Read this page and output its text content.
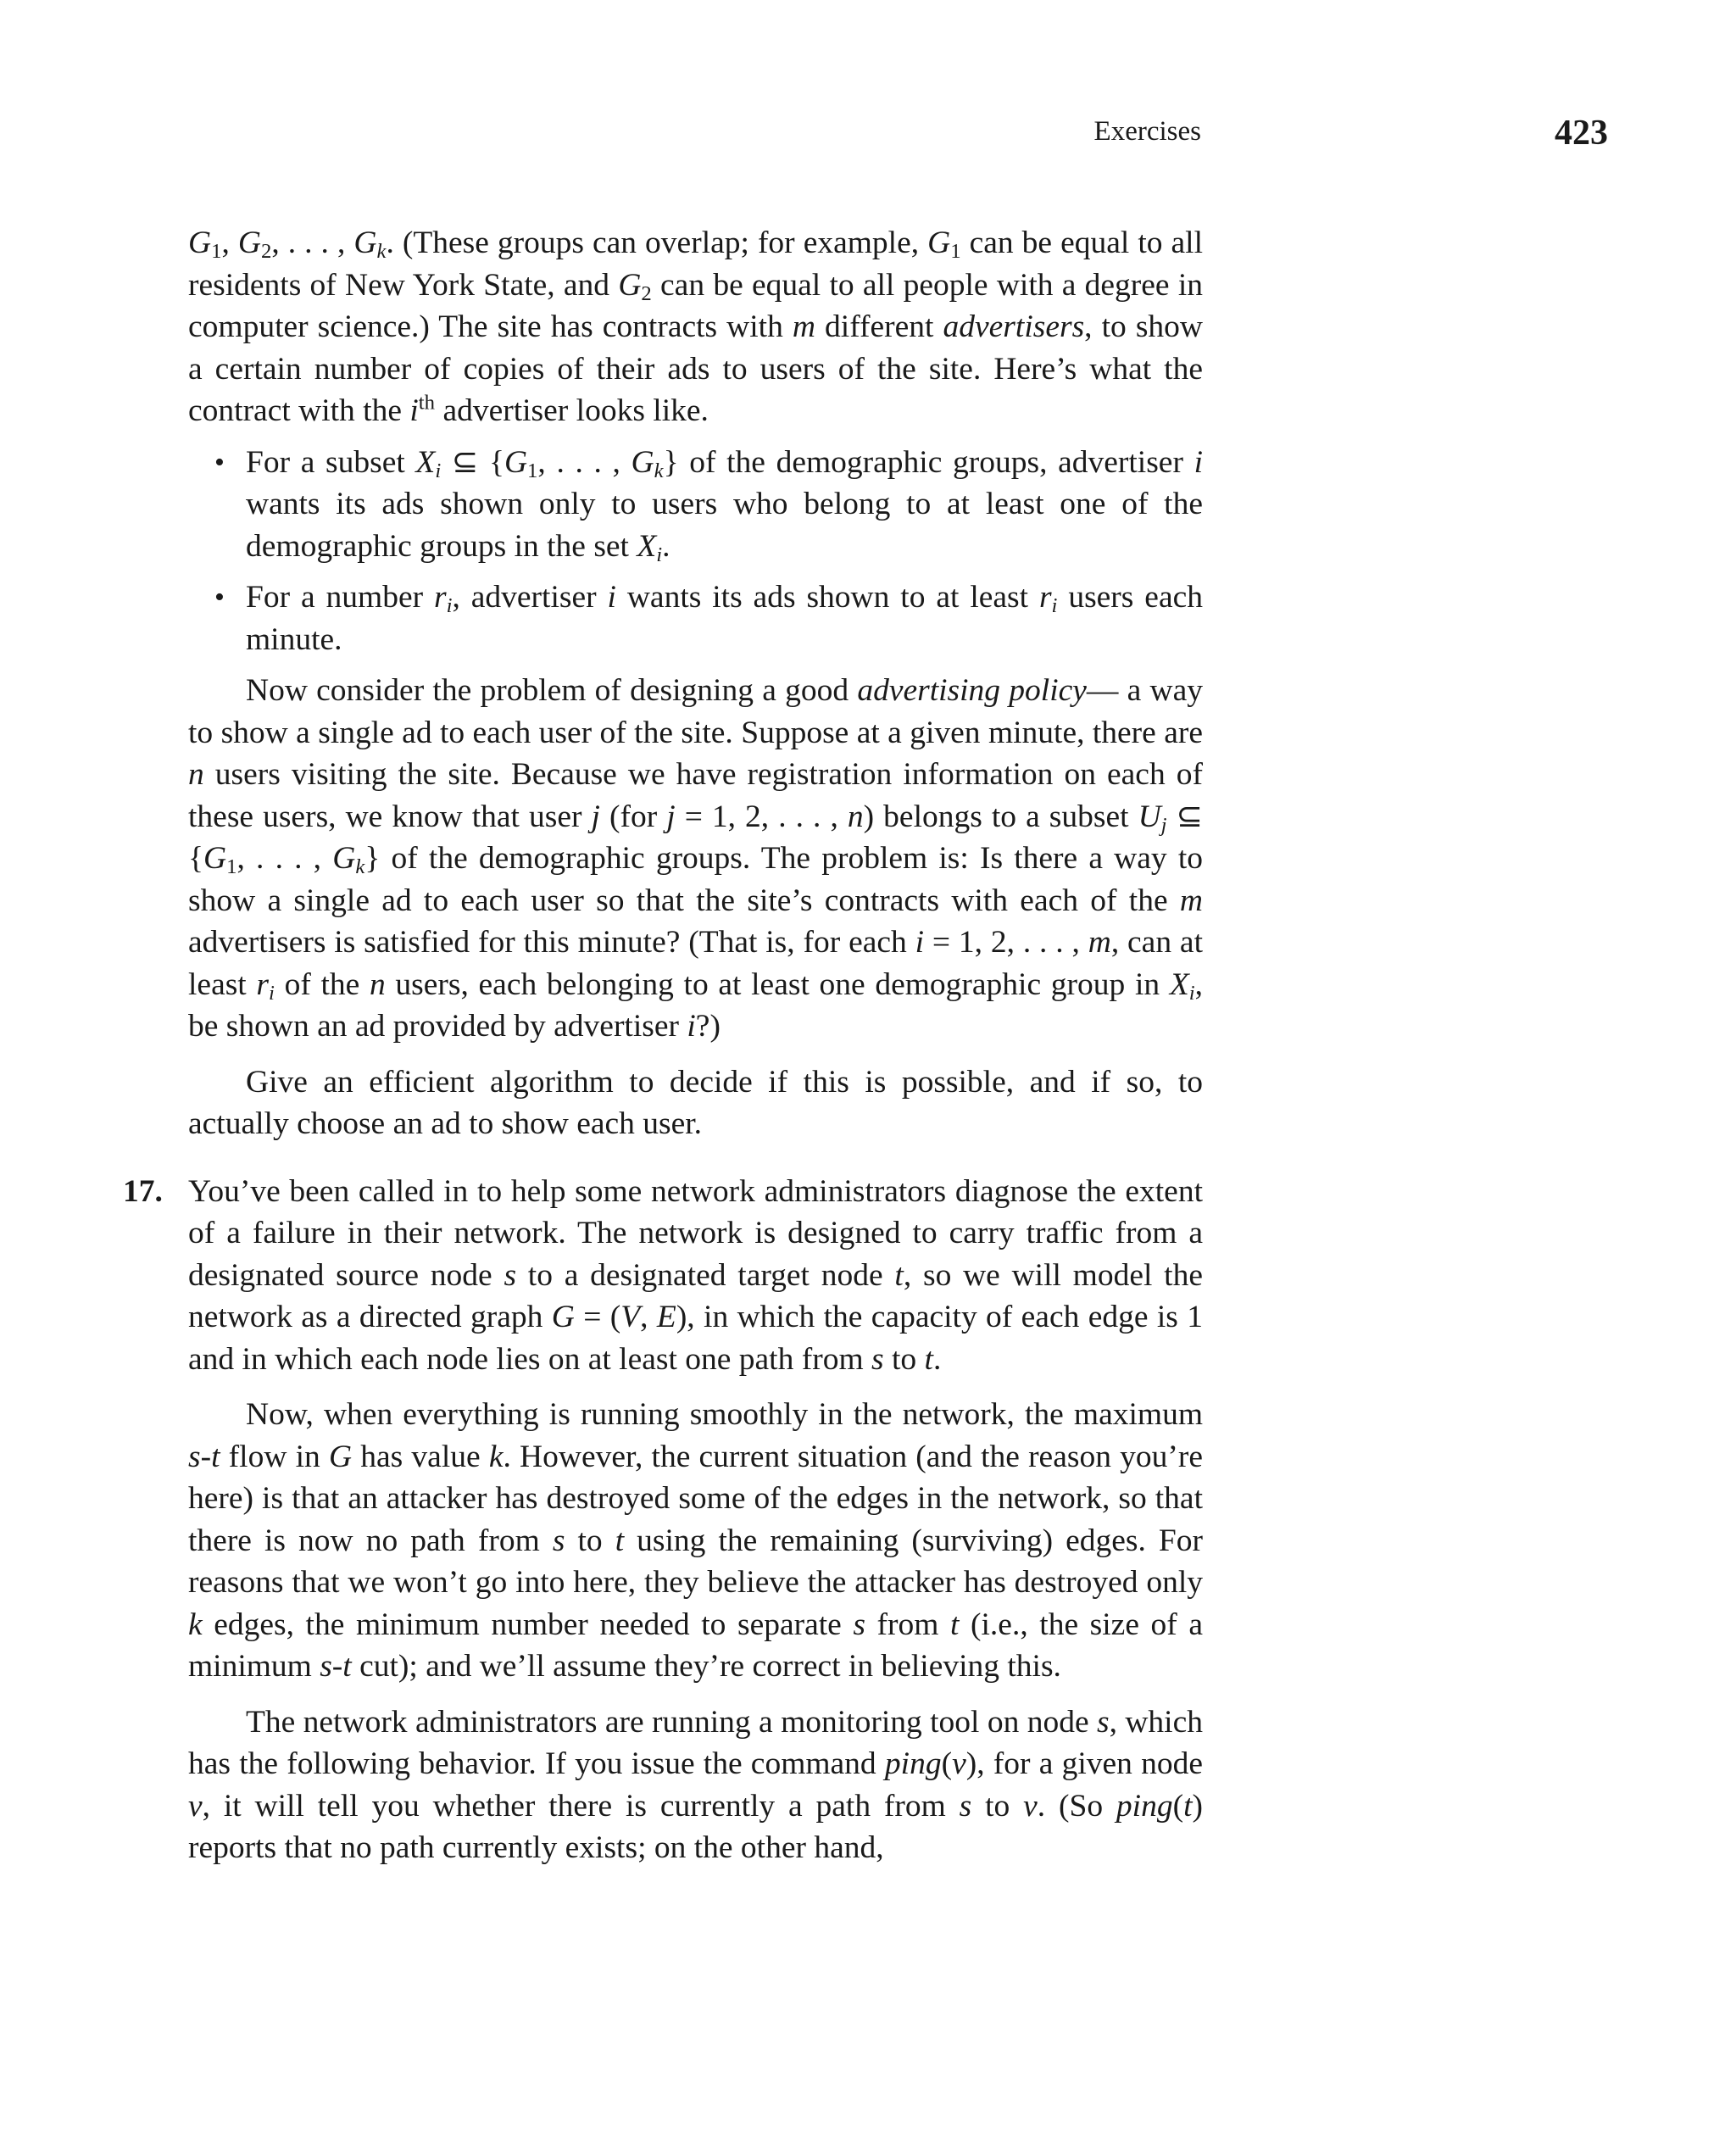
Exercises	423

$G_1$, $G_2$, . . . , $G_k$. (These groups can overlap; for example, $G_1$ can be equal to all residents of New York State, and $G_2$ can be equal to all people with a degree in computer science.) The site has contracts with m different advertisers, to show a certain number of copies of their ads to users of the site. Here’s what the contract with the $i^{th}$ advertiser looks like.

• For a subset $X_i$ ⊆ {$G_1$, . . . , $G_k$} of the demographic groups, advertiser i wants its ads shown only to users who belong to at least one of the demographic groups in the set $X_i$.
• For a number $r_i$, advertiser i wants its ads shown to at least $r_i$ users each minute.

Now consider the problem of designing a good advertising policy— a way to show a single ad to each user of the site. Suppose at a given minute, there are n users visiting the site. Because we have registration information on each of these users, we know that user j (for j = 1, 2, . . . , n) belongs to a subset $U_j$ ⊆ {$G_1$, . . . , $G_k$} of the demographic groups. The problem is: Is there a way to show a single ad to each user so that the site’s contracts with each of the m advertisers is satisfied for this minute? (That is, for each i = 1, 2, . . . , m, can at least $r_i$ of the n users, each belonging to at least one demographic group in $X_i$, be shown an ad provided by advertiser i?)

Give an efficient algorithm to decide if this is possible, and if so, to actually choose an ad to show each user.

17. You’ve been called in to help some network administrators diagnose the extent of a failure in their network. The network is designed to carry traffic from a designated source node s to a designated target node t, so we will model the network as a directed graph G = (V, E), in which the capacity of each edge is 1 and in which each node lies on at least one path from s to t.

Now, when everything is running smoothly in the network, the maximum s-t flow in G has value k. However, the current situation (and the reason you’re here) is that an attacker has destroyed some of the edges in the network, so that there is now no path from s to t using the remaining (surviving) edges. For reasons that we won’t go into here, they believe the attacker has destroyed only k edges, the minimum number needed to separate s from t (i.e., the size of a minimum s-t cut); and we’ll assume they’re correct in believing this.

The network administrators are running a monitoring tool on node s, which has the following behavior. If you issue the command ping(v), for a given node v, it will tell you whether there is currently a path from s to v. (So ping(t) reports that no path currently exists; on the other hand,
